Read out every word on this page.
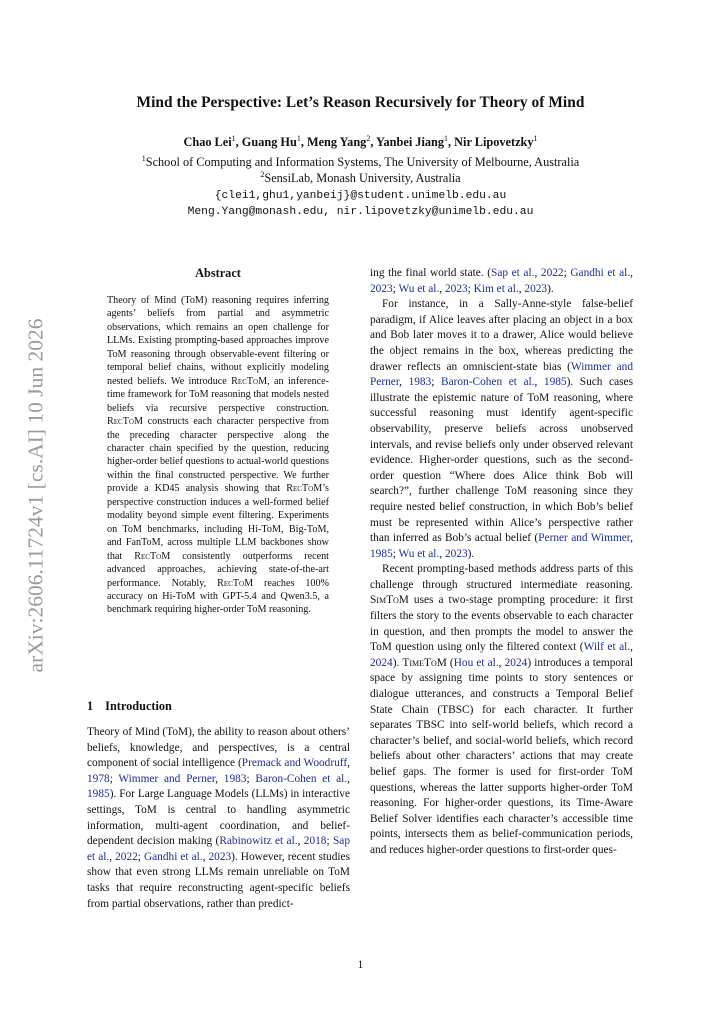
arXiv:2606.11724v1 [cs.AI] 10 Jun 2026
Mind the Perspective: Let’s Reason Recursively for Theory of Mind
Chao Lei$^1$, Guang Hu$^1$, Meng Yang$^2$, Yanbei Jiang$^1$, Nir Lipovetzky$^1$
$^1$School of Computing and Information Systems, The University of Melbourne, Australia
$^2$SensiLab, Monash University, Australia
{clei1,ghu1,yanbeij}@student.unimelb.edu.au
Meng.Yang@monash.edu, nir.lipovetzky@unimelb.edu.au
Abstract
Theory of Mind (ToM) reasoning requires inferring agents’ beliefs from partial and asymmetric observations, which remains an open challenge for LLMs. Existing prompting-based approaches improve ToM reasoning through observable-event filtering or temporal belief chains, without explicitly modeling nested beliefs. We introduce RecToM, an inference-time framework for ToM reasoning that models nested beliefs via recursive perspective construction. RecToM constructs each character perspective from the preceding character perspective along the character chain specified by the question, reducing higher-order belief questions to actual-world questions within the final constructed perspective. We further provide a KD45 analysis showing that RecToM’s perspective construction induces a well-formed belief modality beyond simple event filtering. Experiments on ToM benchmarks, including Hi-ToM, Big-ToM, and FanToM, across multiple LLM backbones show that RecToM consistently outperforms recent advanced approaches, achieving state-of-the-art performance. Notably, RecToM reaches 100% accuracy on Hi-ToM with GPT-5.4 and Qwen3.5, a benchmark requiring higher-order ToM reasoning.
1 Introduction

Theory of Mind (ToM), the ability to reason about others’ beliefs, knowledge, and perspectives, is a central component of social intelligence (Premack and Woodruff, 1978; Wimmer and Perner, 1983; Baron-Cohen et al., 1985). For Large Language Models (LLMs) in interactive settings, ToM is central to handling asymmetric information, multi-agent coordination, and belief-dependent decision making (Rabinowitz et al., 2018; Sap et al., 2022; Gandhi et al., 2023). However, recent studies show that even strong LLMs remain unreliable on ToM tasks that require reconstructing agent-specific beliefs from partial observations, rather than predict-

ing the final world state. (Sap et al., 2022; Gandhi et al., 2023; Wu et al., 2023; Kim et al., 2023).

For instance, in a Sally-Anne-style false-belief paradigm, if Alice leaves after placing an object in a box and Bob later moves it to a drawer, Alice would believe the object remains in the box, whereas predicting the drawer reflects an omniscient-state bias (Wimmer and Perner, 1983; Baron-Cohen et al., 1985). Such cases illustrate the epistemic nature of ToM reasoning, where successful reasoning must identify agent-specific observability, preserve beliefs across unobserved intervals, and revise beliefs only under observed relevant evidence. Higher-order questions, such as the second-order question “Where does Alice think Bob will search?”, further challenge ToM reasoning since they require nested belief construction, in which Bob’s belief must be represented within Alice’s perspective rather than inferred as Bob’s actual belief (Perner and Wimmer, 1985; Wu et al., 2023).

Recent prompting-based methods address parts of this challenge through structured intermediate reasoning. SimToM uses a two-stage prompting procedure: it first filters the story to the events observable to each character in question, and then prompts the model to answer the ToM question using only the filtered context (Wilf et al., 2024). TimeToM (Hou et al., 2024) introduces a temporal space by assigning time points to story sentences or dialogue utterances, and constructs a Temporal Belief State Chain (TBSC) for each character. It further separates TBSC into self-world beliefs, which record a character’s belief, and social-world beliefs, which record beliefs about other characters’ actions that may create belief gaps. The former is used for first-order ToM questions, whereas the latter supports higher-order ToM reasoning. For higher-order questions, its Time-Aware Belief Solver identifies each character’s accessible time points, intersects them as belief-communication periods, and reduces higher-order questions to first-order ques-

1
